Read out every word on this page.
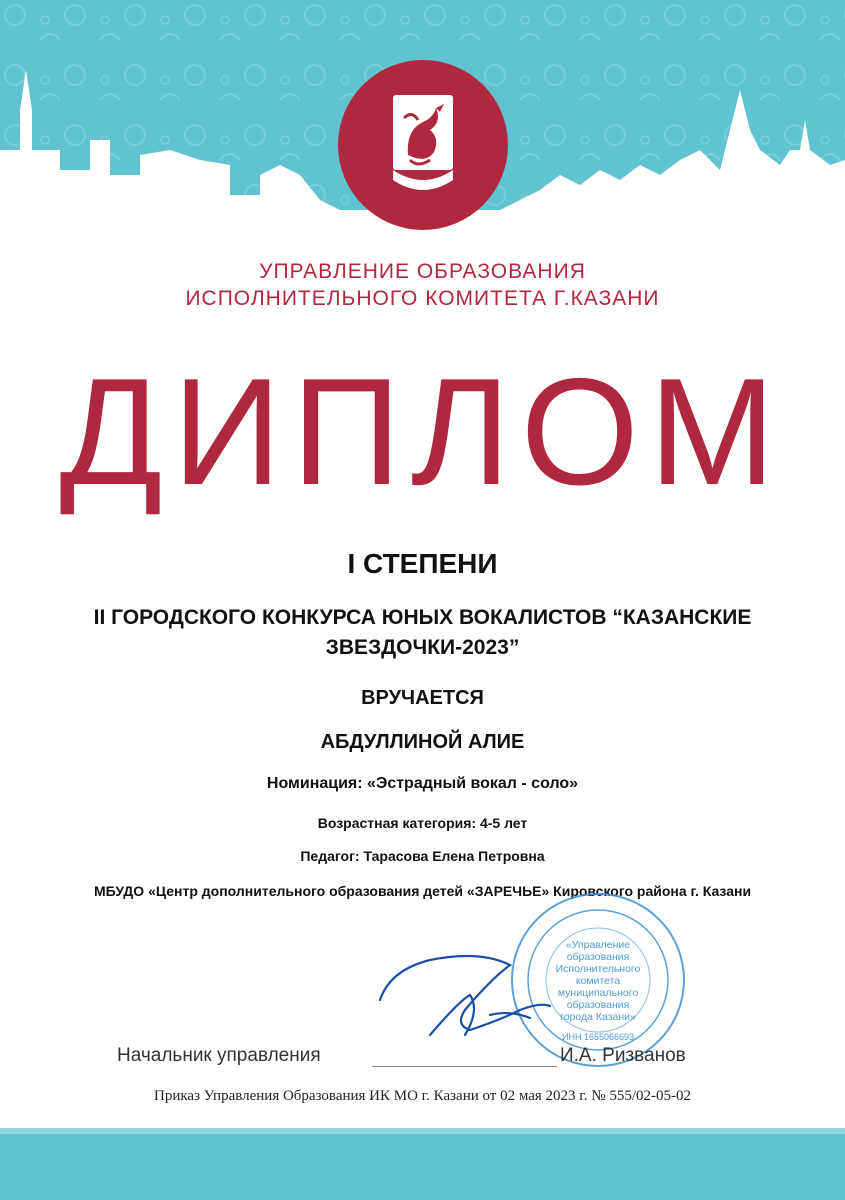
УПРАВЛЕНИЕ ОБРАЗОВАНИЯ

ИСПОЛНИТЕЛЬНОГО КОМИТЕТА Г.КАЗАНИ

ДИПЛОМ

I СТЕПЕНИ

II ГОРОДСКОГО КОНКУРСА ЮНЫХ ВОКАЛИСТОВ “КАЗАНСКИЕ

ЗВЕЗДОЧКИ-2023”

ВРУЧАЕТСЯ

АБДУЛЛИНОЙ АЛИЕ

Номинация: «Эстрадный вокал - соло»

Возрастная категория: 4-5 лет

Педагог: Тарасова Елена Петровна

МБУДО «Центр дополнительного образования детей «ЗАРЕЧЬЕ» Кировского района г. Казани

«Управление
образования
Исполнительного
комитета
муниципального
образования
города Казани»
ИНН 1655066693
Начальник управления	И.А. Ризванов

Приказ Управления Образования ИК МО г. Казани от 02 мая 2023 г. № 555/02-05-02
